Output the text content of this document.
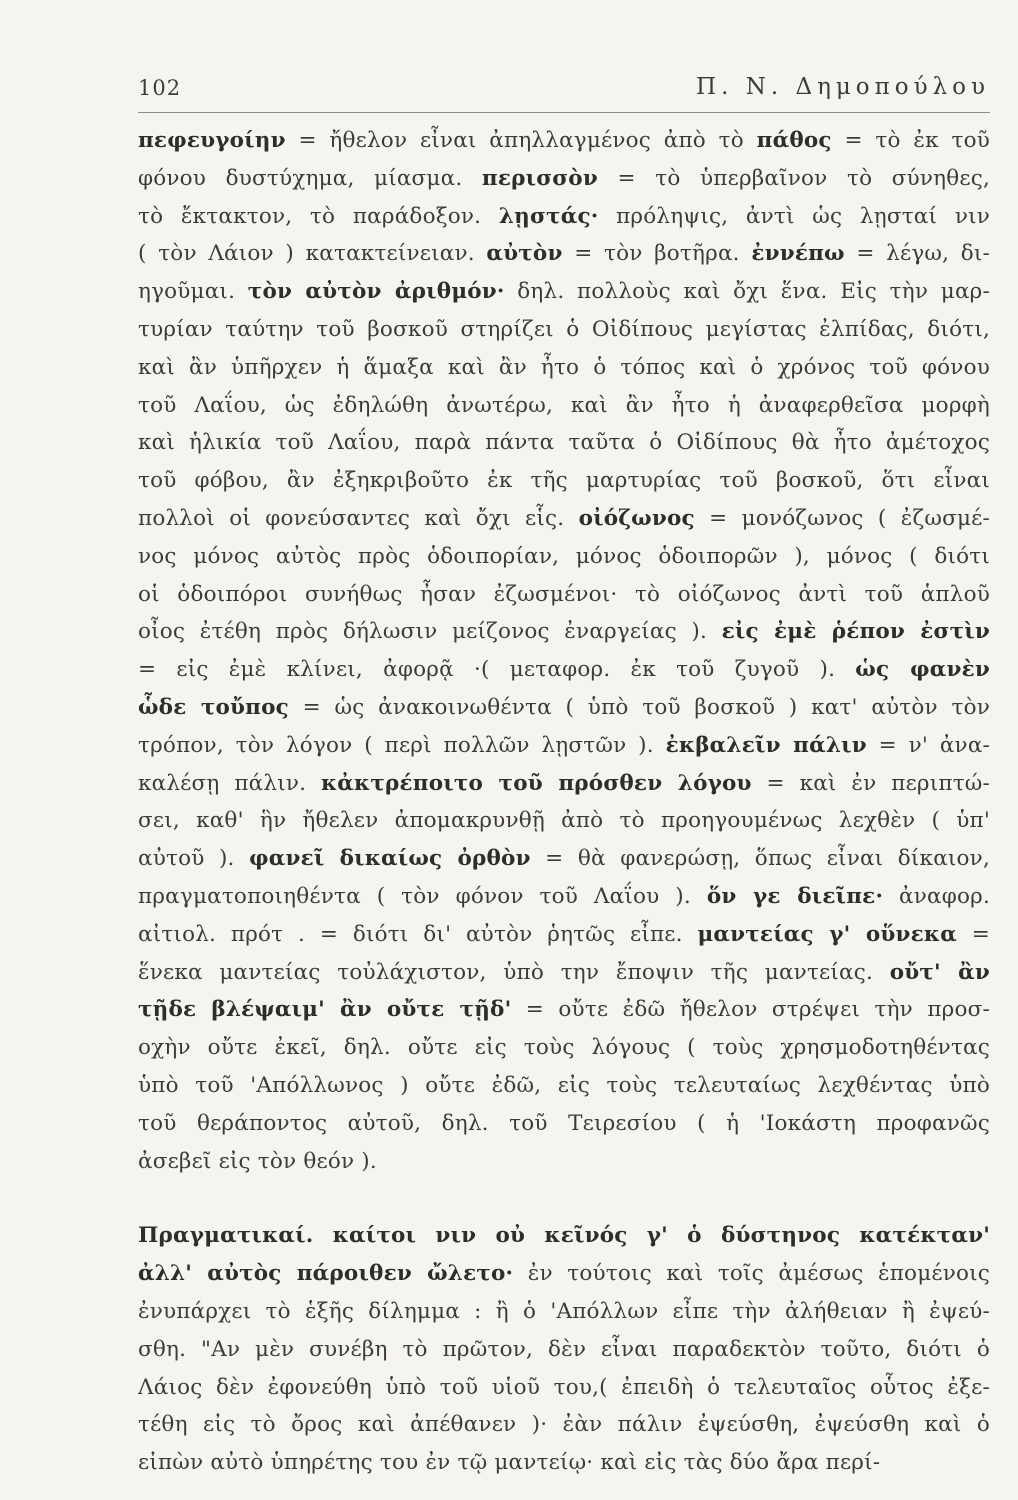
102	Π. Ν. Δημοπούλου
πεφευγοίην = ἤθελον εἶναι ἀπηλλαγμένος ἀπὸ τὸ πάθος = τὸ ἐκ τοῦ
φόνου δυστύχημα, μίασμα. περισσὸν = τὸ ὑπερβαῖνον τὸ σύνηθες,
τὸ ἔκτακτον, τὸ παράδοξον. λῃστάς· πρόληψις, ἀντὶ ὡς λῃσταί νιν
( τὸν Λάιον ) κατακτείνειαν. αὐτὸν = τὸν βοτῆρα. ἐννέπω = λέγω, δι-
ηγοῦμαι. τὸν αὐτὸν ἀριθμόν· δηλ. πολλοὺς καὶ ὄχι ἕνα. Εἰς τὴν μαρ-
τυρίαν ταύτην τοῦ βοσκοῦ στηρίζει ὁ Οἰδίπους μεγίστας ἐλπίδας, διότι,
καὶ ἂν ὑπῆρχεν ἡ ἅμαξα καὶ ἂν ἦτο ὁ τόπος καὶ ὁ χρόνος τοῦ φόνου
τοῦ Λαΐου, ὡς ἐδηλώθη ἀνωτέρω, καὶ ἂν ἦτο ἡ ἀναφερθεῖσα μορφὴ
καὶ ἡλικία τοῦ Λαΐου, παρὰ πάντα ταῦτα ὁ Οἰδίπους θὰ ἦτο ἀμέτοχος
τοῦ φόβου, ἂν ἐξηκριβοῦτο ἐκ τῆς μαρτυρίας τοῦ βοσκοῦ, ὅτι εἶναι
πολλοὶ οἱ φονεύσαντες καὶ ὄχι εἷς. οἰόζωνος = μονόζωνος ( ἐζωσμέ-
νος μόνος αὐτὸς πρὸς ὁδοιπορίαν, μόνος ὁδοιπορῶν ), μόνος ( διότι
οἱ ὁδοιπόροι συνήθως ἦσαν ἐζωσμένοι· τὸ οἰόζωνος ἀντὶ τοῦ ἁπλοῦ
οἶος ἐτέθη πρὸς δήλωσιν μείζονος ἐναργείας ). εἰς ἐμὲ ῥέπον ἐστὶν
= εἰς ἐμὲ κλίνει, ἀφορᾷ ·( μεταφορ. ἐκ τοῦ ζυγοῦ ). ὡς φανὲν
ὧδε τοὔπος = ὡς ἀνακοινωθέντα ( ὑπὸ τοῦ βοσκοῦ ) κατ' αὐτὸν τὸν
τρόπον, τὸν λόγον ( περὶ πολλῶν λῃστῶν ). ἐκβαλεῖν πάλιν = ν' ἀνα-
καλέσῃ πάλιν. κἀκτρέποιτο τοῦ πρόσθεν λόγου = καὶ ἐν περιπτώ-
σει, καθ' ἣν ἤθελεν ἀπομακρυνθῇ ἀπὸ τὸ προηγουμένως λεχθὲν ( ὑπ'
αὐτοῦ ). φανεῖ δικαίως ὀρθὸν = θὰ φανερώσῃ, ὅπως εἶναι δίκαιον,
πραγματοποιηθέντα ( τὸν φόνον τοῦ Λαΐου ). ὅν γε διεῖπε· ἀναφορ.
αἰτιολ. πρότ . = διότι δι' αὐτὸν ῥητῶς εἶπε. μαντείας γ' οὕνεκα =
ἕνεκα μαντείας τοὐλάχιστον, ὑπὸ την ἔποψιν τῆς μαντείας. οὔτ' ἂν
τῇδε βλέψαιμ' ἂν οὔτε τῇδ' = οὔτε ἐδῶ ἤθελον στρέψει τὴν προσ-
οχὴν οὔτε ἐκεῖ, δηλ. οὔτε εἰς τοὺς λόγους ( τοὺς χρησμοδοτηθέντας
ὑπὸ τοῦ 'Απόλλωνος ) οὔτε ἐδῶ, εἰς τοὺς τελευταίως λεχθέντας ὑπὸ
τοῦ θεράποντος αὐτοῦ, δηλ. τοῦ Τειρεσίου ( ἡ 'Ιοκάστη προφανῶς
ἀσεβεῖ εἰς τὸν θεόν ).
Πραγματικαί. καίτοι νιν οὐ κεῖνός γ' ὁ δύστηνος κατέκταν'
ἀλλ' αὐτὸς πάροιθεν ὤλετο· ἐν τούτοις καὶ τοῖς ἀμέσως ἑπομένοις
ἐνυπάρχει τὸ ἑξῆς δίλημμα : ἢ ὁ 'Απόλλων εἶπε τὴν ἀλήθειαν ἢ ἐψεύ-
σθη. "Αν μὲν συνέβη τὸ πρῶτον, δὲν εἶναι παραδεκτὸν τοῦτο, διότι ὁ
Λάιος δὲν ἐφονεύθη ὑπὸ τοῦ υἱοῦ του,( ἐπειδὴ ὁ τελευταῖος οὗτος ἐξε-
τέθη εἰς τὸ ὄρος καὶ ἀπέθανεν )· ἐὰν πάλιν ἐψεύσθη, ἐψεύσθη καὶ ὁ
εἰπὼν αὐτὸ ὑπηρέτης του ἐν τῷ μαντείῳ· καὶ εἰς τὰς δύο ἄρα περί-
